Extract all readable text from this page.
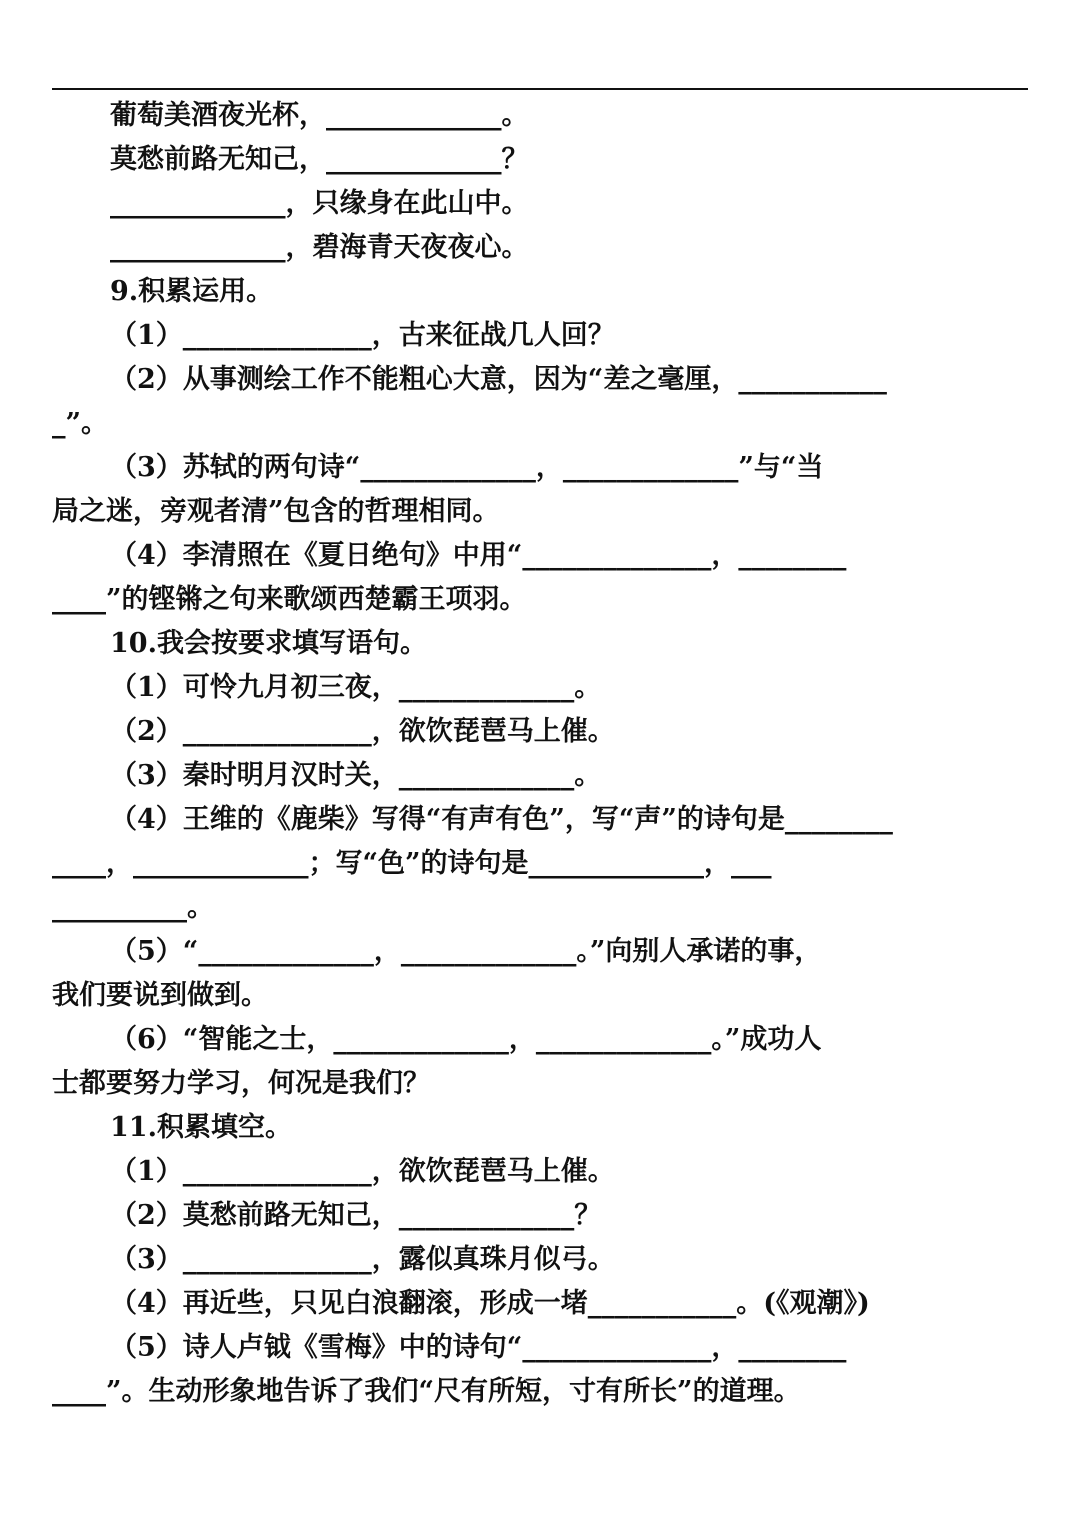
葡萄美酒夜光杯，_____________。

莫愁前路无知己，_____________？

_____________，只缘身在此山中。

_____________，碧海青天夜夜心。

9.积累运用。

（1）______________，古来征战几人回？

（2）从事测绘工作不能粗心大意，因为“差之毫厘，___________

_”。

（3）苏轼的两句诗“_____________，_____________”与“当

局之迷，旁观者清”包含的哲理相同。

（4）李清照在《夏日绝句》中用“______________，________

____”的铿锵之句来歌颂西楚霸王项羽。

10.我会按要求填写语句。

（1）可怜九月初三夜，_____________。

（2）______________，欲饮琵琶马上催。

（3）秦时明月汉时关，_____________。

（4）王维的《鹿柴》写得“有声有色”，写“声”的诗句是________

____，_____________；写“色”的诗句是_____________，___

__________。

（5）“_____________，_____________。”向别人承诺的事，

我们要说到做到。

（6）“智能之士，_____________，_____________。”成功人

士都要努力学习，何况是我们？

11.积累填空。

（1）______________，欲饮琵琶马上催。

（2）莫愁前路无知己，_____________？

（3）______________，露似真珠月似弓。

（4）再近些，只见白浪翻滚，形成一堵___________。(《观潮》)

（5）诗人卢钺《雪梅》中的诗句“______________，________

____”。生动形象地告诉了我们“尺有所短，寸有所长”的道理。
